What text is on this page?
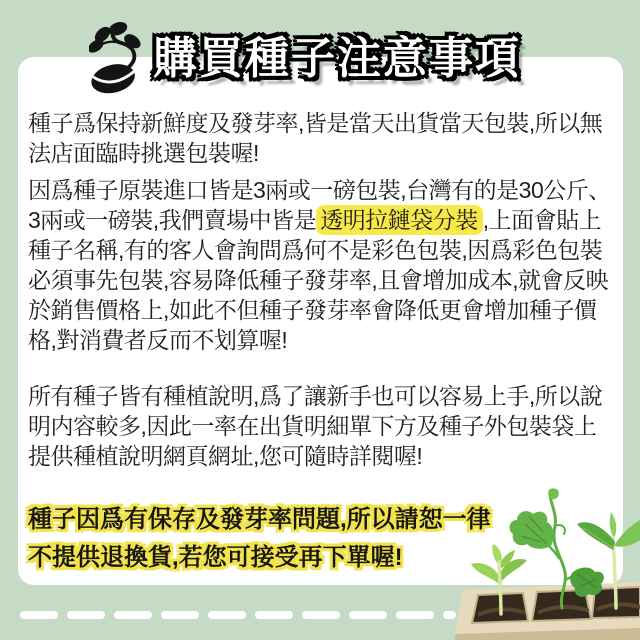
購買種子注意事項

種子爲保持新鮮度及發芽率,皆是當天出貨當天包裝,所以無法店面臨時挑選包裝喔!

因爲種子原裝進口皆是3兩或一磅包裝,台灣有的是30公斤、3兩或一磅裝,我們賣場中皆是 透明拉鏈袋分裝 ,上面會貼上種子名稱,有的客人會詢問爲何不是彩色包裝,因爲彩色包裝必須事先包裝,容易降低種子發芽率,且會增加成本,就會反映於銷售價格上,如此不但種子發芽率會降低更會增加種子價格,對消費者反而不划算喔!

所有種子皆有種植說明,爲了讓新手也可以容易上手,所以說明内容較多,因此一率在出貨明細單下方及種子外包裝袋上提供種植說明網頁網址,您可隨時詳閱喔!

種子因爲有保存及發芽率問題,所以請恕一律
不提供退換貨,若您可接受再下單喔!
